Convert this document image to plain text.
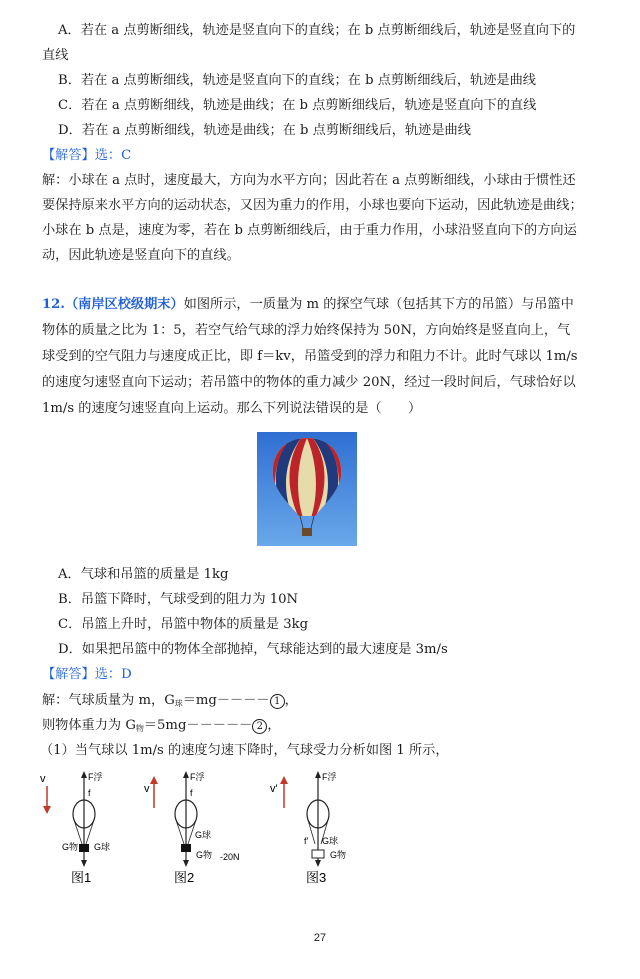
A．若在 a 点剪断细线，轨迹是竖直向下的直线；在 b 点剪断细线后，轨迹是竖直向下的
直线
B．若在 a 点剪断细线，轨迹是竖直向下的直线；在 b 点剪断细线后，轨迹是曲线
C．若在 a 点剪断细线，轨迹是曲线；在 b 点剪断细线后，轨迹是竖直向下的直线
D．若在 a 点剪断细线，轨迹是曲线；在 b 点剪断细线后，轨迹是曲线
【解答】选：C
解：小球在 a 点时，速度最大，方向为水平方向；因此若在 a 点剪断细线，小球由于惯性还
要保持原来水平方向的运动状态，又因为重力的作用，小球也要向下运动，因此轨迹是曲线；
小球在 b 点是，速度为零，若在 b 点剪断细线后，由于重力作用，小球沿竖直向下的方向运
动，因此轨迹是竖直向下的直线。
12.（南岸区校级期末）如图所示，一质量为 m 的探空气球（包括其下方的吊篮）与吊篮中
物体的质量之比为 1：5，若空气给气球的浮力始终保持为 50N，方向始终是竖直向上，气
球受到的空气阻力与速度成正比，即 f＝kv，吊篮受到的浮力和阻力不计。此时气球以 1m/s
的速度匀速竖直向下运动；若吊篮中的物体的重力减少 20N，经过一段时间后，气球恰好以
1m/s 的速度匀速竖直向上运动。那么下列说法错误的是（　　）
A．气球和吊篮的质量是 1kg
B．吊篮下降时，气球受到的阻力为 10N
C．吊篮上升时，吊篮中物体的质量是 3kg
D．如果把吊篮中的物体全部抛掉，气球能达到的最大速度是 3m/s
【解答】选：D
解：气球质量为 m，$G_球=mg---- 1$ ，
则物体重力为 $G_物=5mg----- 2$ ，
（1）当气球以 1m/s 的速度匀速下降时，气球受力分析如图 1 所示，
v	F浮
f
G物 G球
图1
v
F浮
f
G球
G物 -20N
图2
v'
F浮
f' G球
G物
图3
27
